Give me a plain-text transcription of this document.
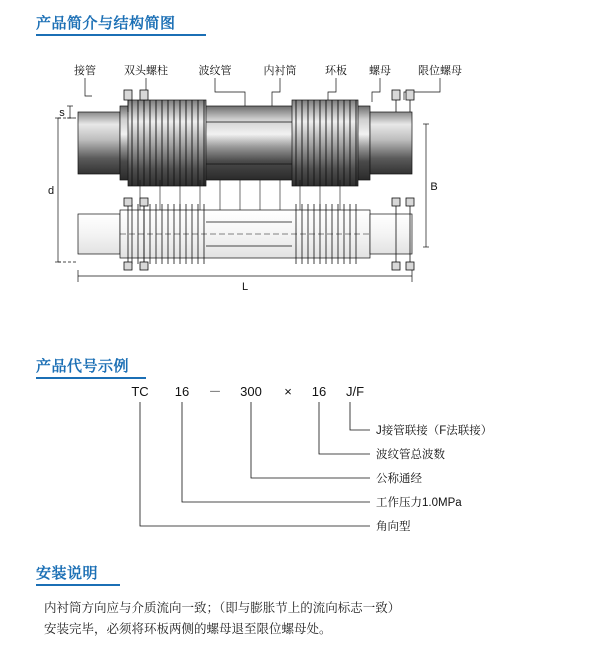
产品简介与结构简图
产品代号示例
安装说明
接管	双头螺柱	波纹管	内衬筒	环板 螺母 限位螺母
s
d	B
L
TC 16 － 300 × 16 J/F
J接管联接（F法联接）
波纹管总波数
公称通经
工作压力1.0MPa
角向型
内衬筒方向应与介质流向一致；（即与膨胀节上的流向标志一致）
安装完毕，必须将环板两侧的螺母退至限位螺母处。
